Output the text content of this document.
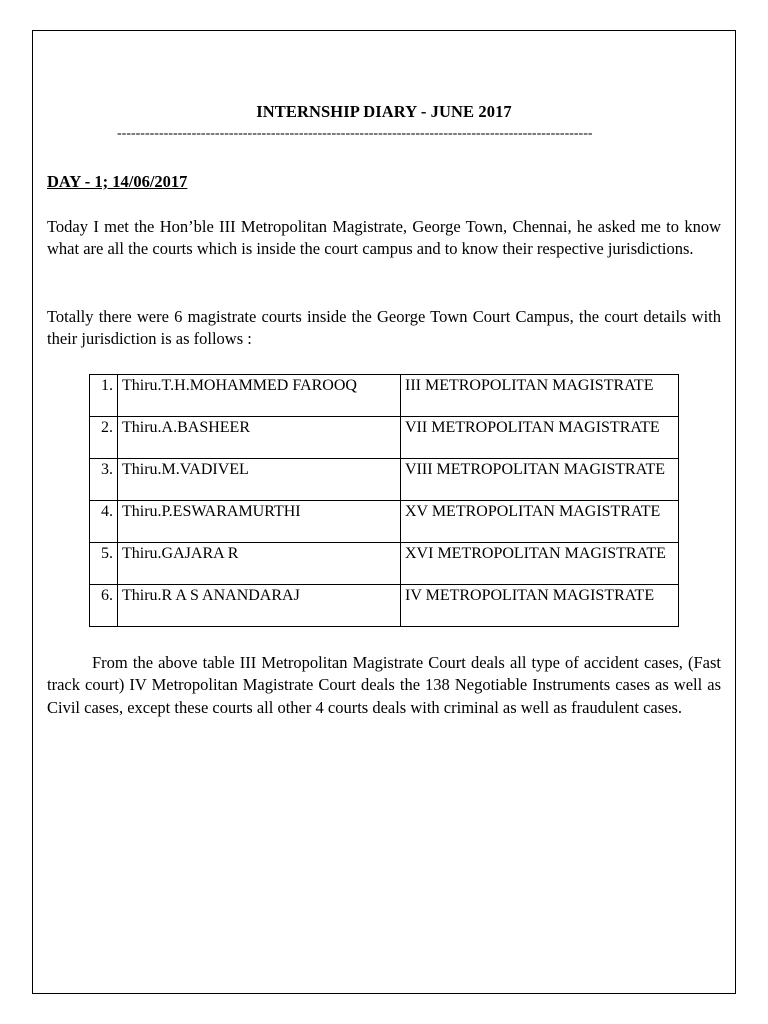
INTERNSHIP DIARY - JUNE 2017
------------------------------------------------------------------------------------------------------
DAY - 1; 14/06/2017

Today I met the Hon’ble III Metropolitan Magistrate, George Town, Chennai, he asked me to know what are all the courts which is inside the court campus and to know their respective jurisdictions.

Totally there were 6 magistrate courts inside the George Town Court Campus, the court details with their jurisdiction is as follows :

1.	Thiru.T.H.MOHAMMED FAROOQ	III METROPOLITAN MAGISTRATE
2.	Thiru.A.BASHEER	VII METROPOLITAN MAGISTRATE
3.	Thiru.M.VADIVEL	VIII METROPOLITAN MAGISTRATE
4.	Thiru.P.ESWARAMURTHI	XV METROPOLITAN MAGISTRATE
5.	Thiru.GAJARA R	XVI METROPOLITAN MAGISTRATE
6.	Thiru.R A S ANANDARAJ	IV METROPOLITAN MAGISTRATE

From the above table III Metropolitan Magistrate Court deals all type of accident cases, (Fast track court) IV Metropolitan Magistrate Court deals the 138 Negotiable Instruments cases as well as Civil cases, except these courts all other 4 courts deals with criminal as well as fraudulent cases.
